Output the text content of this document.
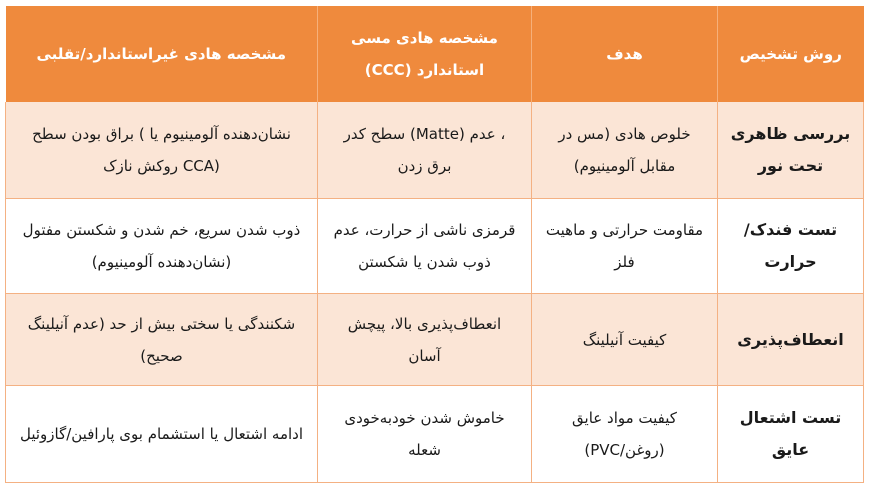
روش تشخیص	هدف	مشخصه هادی مسی استاندارد (CCC)	مشخصه هادی غیراستاندارد/تقلبی
بررسی ظاهری تحت نور	خلوص هادی (مس در مقابل آلومینیوم)	، عدم (Matte) سطح کدر برق زدن	نشان‌دهنده آلومینیوم یا ) براق بودن سطح (CCA روکش نازک
تست فندک/حرارت	مقاومت حرارتی و ماهیت فلز	قرمزی ناشی از حرارت، عدم ذوب شدن یا شکستن	ذوب شدن سریع، خم شدن و شکستن مفتول (نشان‌دهنده آلومینیوم)
انعطاف‌پذیری	کیفیت آنیلینگ	انعطاف‌پذیری بالا، پیچش آسان	شکنندگی یا سختی بیش از حد (عدم آنیلینگ صحیح)
تست اشتعال عایق	کیفیت مواد عایق (روغن/PVC)	خاموش شدن خودبه‌خودی شعله	ادامه اشتعال یا استشمام بوی پارافین/گازوئیل
